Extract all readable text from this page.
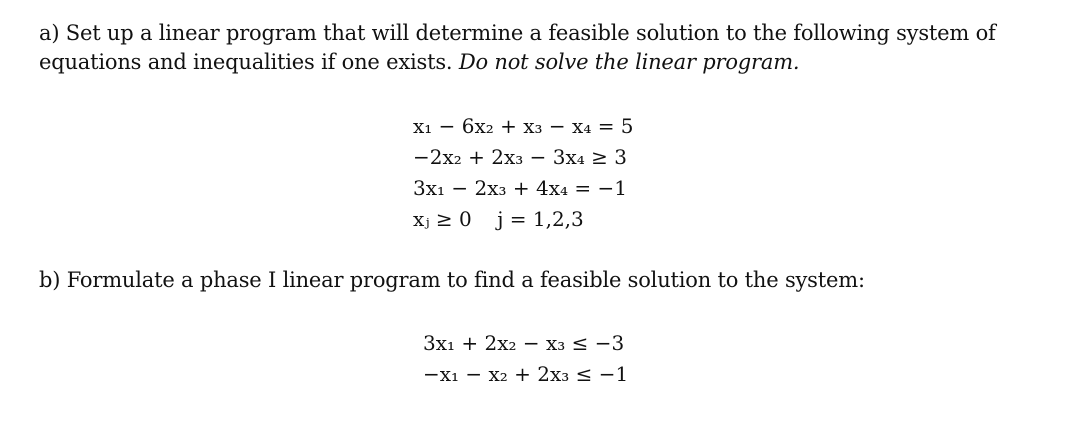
a) Set up a linear program that will determine a feasible solution to the following system of equations and inequalities if one exists. Do not solve the linear program.
x₁ − 6x₂ + x₃ − x₄ = 5
−2x₂ + 2x₃ − 3x₄ ≥ 3
3x₁ − 2x₃ + 4x₄ = −1
xⱼ ≥ 0    j = 1,2,3
b) Formulate a phase I linear program to find a feasible solution to the system:
3x₁ + 2x₂ − x₃ ≤ −3
−x₁ − x₂ + 2x₃ ≤ −1
